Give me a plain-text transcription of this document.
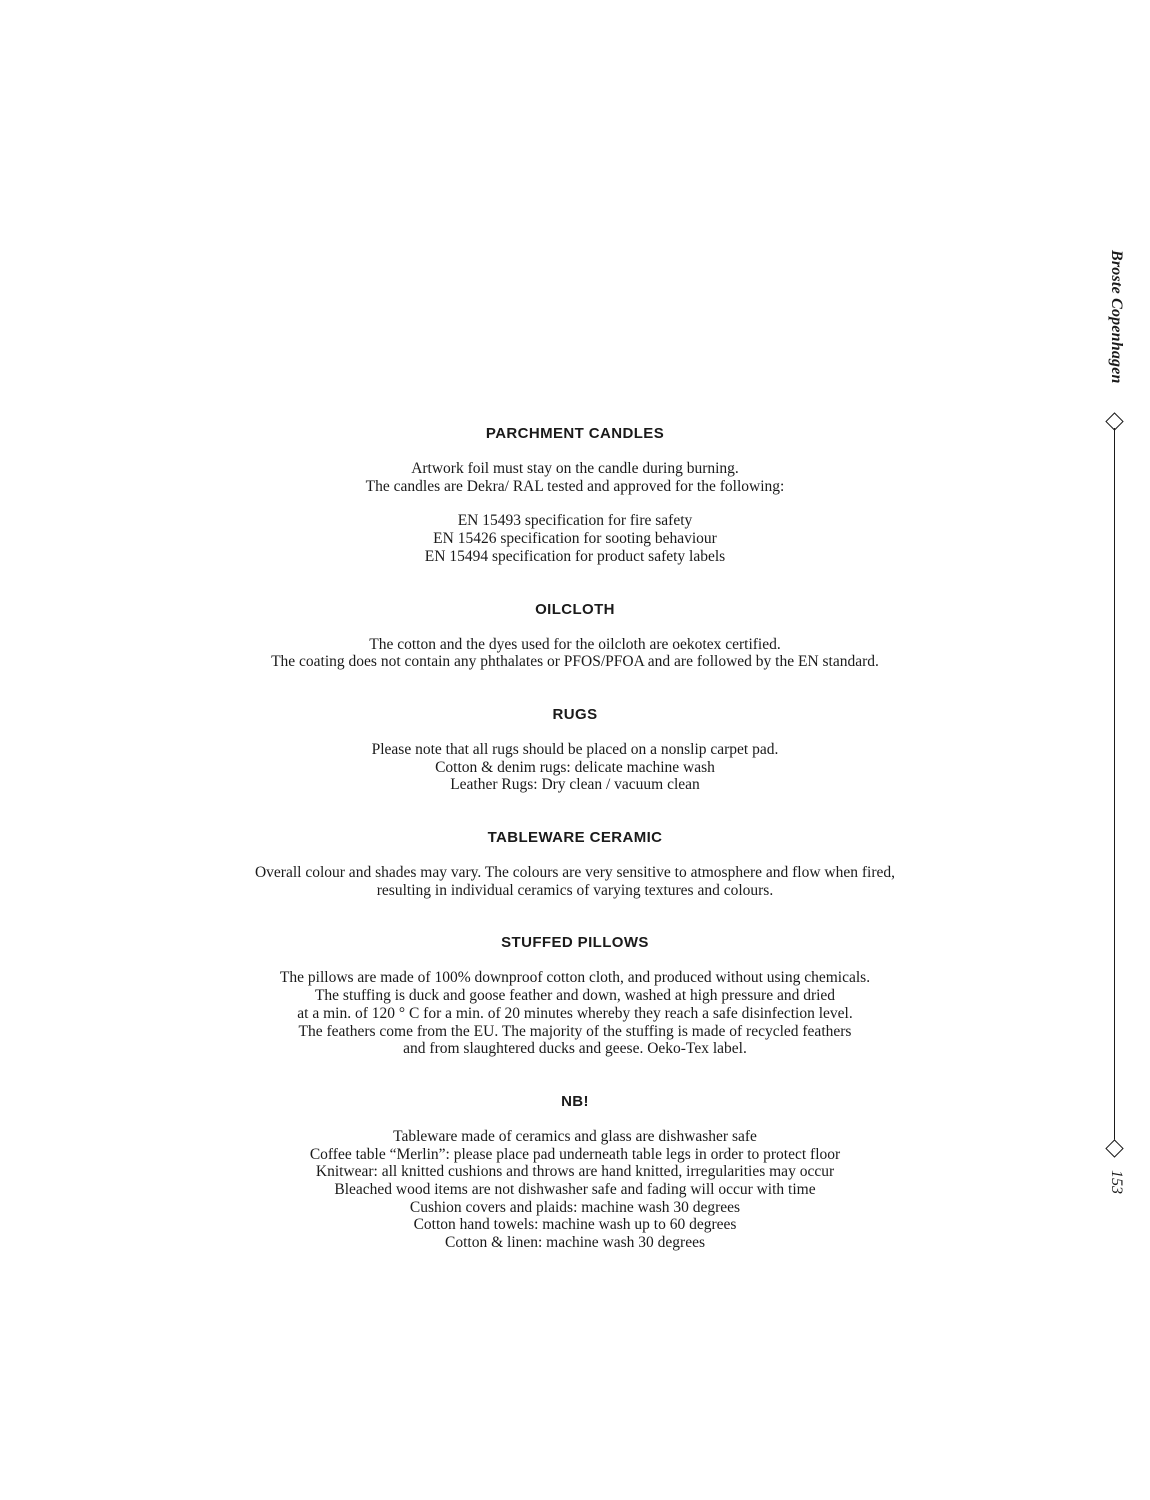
PARCHMENT CANDLES
Artwork foil must stay on the candle during burning.
The candles are Dekra/ RAL tested and approved for the following:
EN 15493 specification for fire safety
EN 15426 specification for sooting behaviour
EN 15494 specification for product safety labels
OILCLOTH
The cotton and the dyes used for the oilcloth are oekotex certified.
The coating does not contain any phthalates or PFOS/PFOA and are followed by the EN standard.
RUGS
Please note that all rugs should be placed on a nonslip carpet pad.
Cotton & denim rugs: delicate machine wash
Leather Rugs: Dry clean / vacuum clean
TABLEWARE CERAMIC
Overall colour and shades may vary. The colours are very sensitive to atmosphere and flow when fired,
resulting in individual ceramics of varying textures and colours.
STUFFED PILLOWS
The pillows are made of 100% downproof cotton cloth, and produced without using chemicals.
The stuffing is duck and goose feather and down, washed at high pressure and dried
at a min. of 120 ° C for a min. of 20 minutes whereby they reach a safe disinfection level.
The feathers come from the EU. The majority of the stuffing is made of recycled feathers
and from slaughtered ducks and geese. Oeko-Tex label.
NB!
Tableware made of ceramics and glass are dishwasher safe
Coffee table “Merlin”: please place pad underneath table legs in order to protect floor
Knitwear: all knitted cushions and throws are hand knitted, irregularities may occur
Bleached wood items are not dishwasher safe and fading will occur with time
Cushion covers and plaids: machine wash 30 degrees
Cotton hand towels: machine wash up to 60 degrees
Cotton & linen: machine wash 30 degrees
Broste Copenhagen
153
